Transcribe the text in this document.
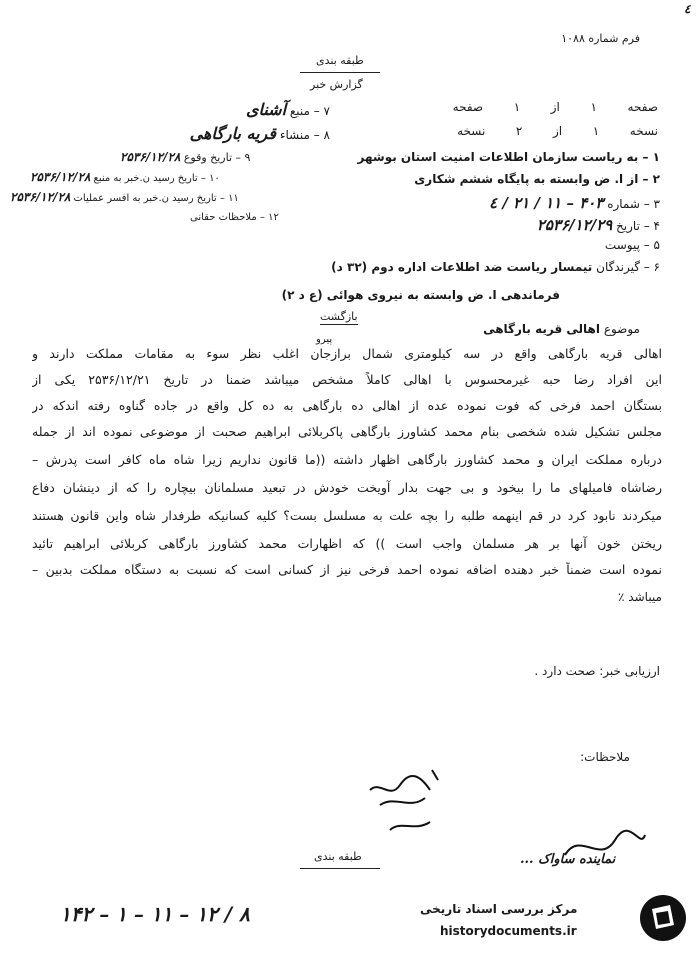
٤
فرم شماره ۱۰۸۸
طبقه بندی
گزارش خبر
صفحه ۱ از ۱ صفحه
نسخه ۱ از ۲ نسخه
۷ – منبع آشنای
۸ – منشاء قریه بارگاهی
۹ – تاریخ وقوع ۲۵۳۶/۱۲/۲۸
۱۰ – تاریخ رسید ن.خبر به منبع ۲۵۳۶/۱۲/۲۸
۱۱ – تاریخ رسید ن.خبر به افسر عملیات ۲۵۳۶/۱۲/۲۸
۱۲ – ملاحظات حقانی
۱ – به ریاست سازمان اطلاعات امنیت استان بوشهر
۲ – از ا. ض وابسته به پایگاه ششم شکاری
۳ – شماره ۴۰۳ – ۱۱ / ۲۱ / ٤
۴ – تاریخ ۲۵۳۶/۱۲/۲۹
۵ – پیوست
۶ – گیرندگان تیمسار ریاست ضد اطلاعات اداره دوم (۳۲ د)
فرماندهی ا. ض وابسته به نیروی هوائی (ع د ۲)
موضوع اهالی قریه بارگاهی
بازگشت
پیرو
اهالی قریه بارگاهی واقع در سه کیلومتری شمال برازجان اغلب نظر سوء به مقامات مملکت دارند و
این افراد رضا حبه غیرمحسوس با اهالی کاملاً مشخص میباشد ضمنا در تاریخ ۲۵۳۶/۱۲/۲۱ یکی از
بستگان احمد فرخی که فوت نموده عده از اهالی ده بارگاهی به ده کل واقع در جاده گناوه رفته اندکه در
مجلس تشکیل شده شخصی بنام محمد کشاورز بارگاهی پاکربلائی ابراهیم صحبت از موضوعی نموده اند از جمله
درباره مملکت ایران و محمد کشاورز بارگاهی اظهار داشته ((ما قانون نداریم زیرا شاه ماه کافر است پدرش –
رضاشاه فامیلهای ما را بیخود و بی جهت بدار آویخت خودش در تبعید مسلمانان بیچاره را که از دینشان دفاع
میکردند نابود کرد در قم اینهمه طلبه را بچه علت به مسلسل بست؟ کلیه کسانیکه طرفدار شاه واین قانون هستند
ریختن خون آنها بر هر مسلمان واجب است )) که اظهارات محمد کشاورز بارگاهی کربلائی ابراهیم تائید
نموده است ضمناً خبر دهنده اضافه نموده احمد فرخی نیز از کسانی است که نسبت به دستگاه مملکت بدبین –
میباشد ٪
ارزیابی خبر: صحت دارد .
ملاحظات:
نماینده ساواک ...
طبقه بندی
۱۴۲ – ۱ – ۱۱ – ۱۲ / ۸	مرکز بررسی اسناد تاریخی
historydocuments.ir
